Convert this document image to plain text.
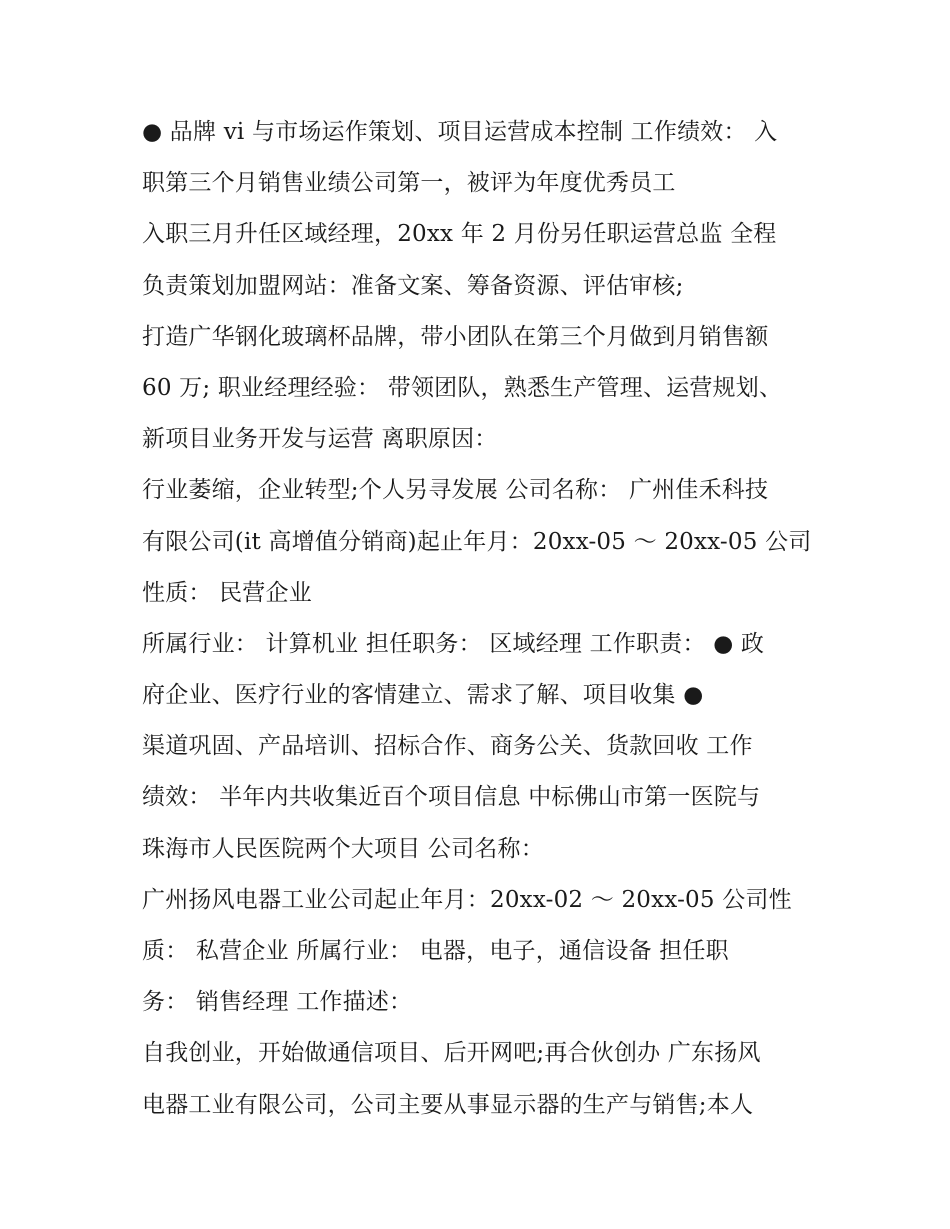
● 品牌 vi 与市场运作策划、项目运营成本控制 工作绩效： 入
职第三个月销售业绩公司第一，被评为年度优秀员工
入职三月升任区域经理，20xx 年 2 月份另任职运营总监 全程
负责策划加盟网站：准备文案、筹备资源、评估审核;
打造广华钢化玻璃杯品牌，带小团队在第三个月做到月销售额
60 万; 职业经理经验： 带领团队，熟悉生产管理、运营规划、
新项目业务开发与运营 离职原因：
行业萎缩，企业转型;个人另寻发展 公司名称： 广州佳禾科技
有限公司(it 高增值分销商)起止年月：20xx-05 ～ 20xx-05 公司
性质： 民营企业
所属行业： 计算机业 担任职务： 区域经理 工作职责： ● 政
府企业、医疗行业的客情建立、需求了解、项目收集 ●
渠道巩固、产品培训、招标合作、商务公关、货款回收 工作
绩效： 半年内共收集近百个项目信息 中标佛山市第一医院与
珠海市人民医院两个大项目 公司名称：
广州扬风电器工业公司起止年月：20xx-02 ～ 20xx-05 公司性
质： 私营企业 所属行业： 电器，电子，通信设备 担任职
务： 销售经理 工作描述：
自我创业，开始做通信项目、后开网吧;再合伙创办 广东扬风
电器工业有限公司，公司主要从事显示器的生产与销售;本人
